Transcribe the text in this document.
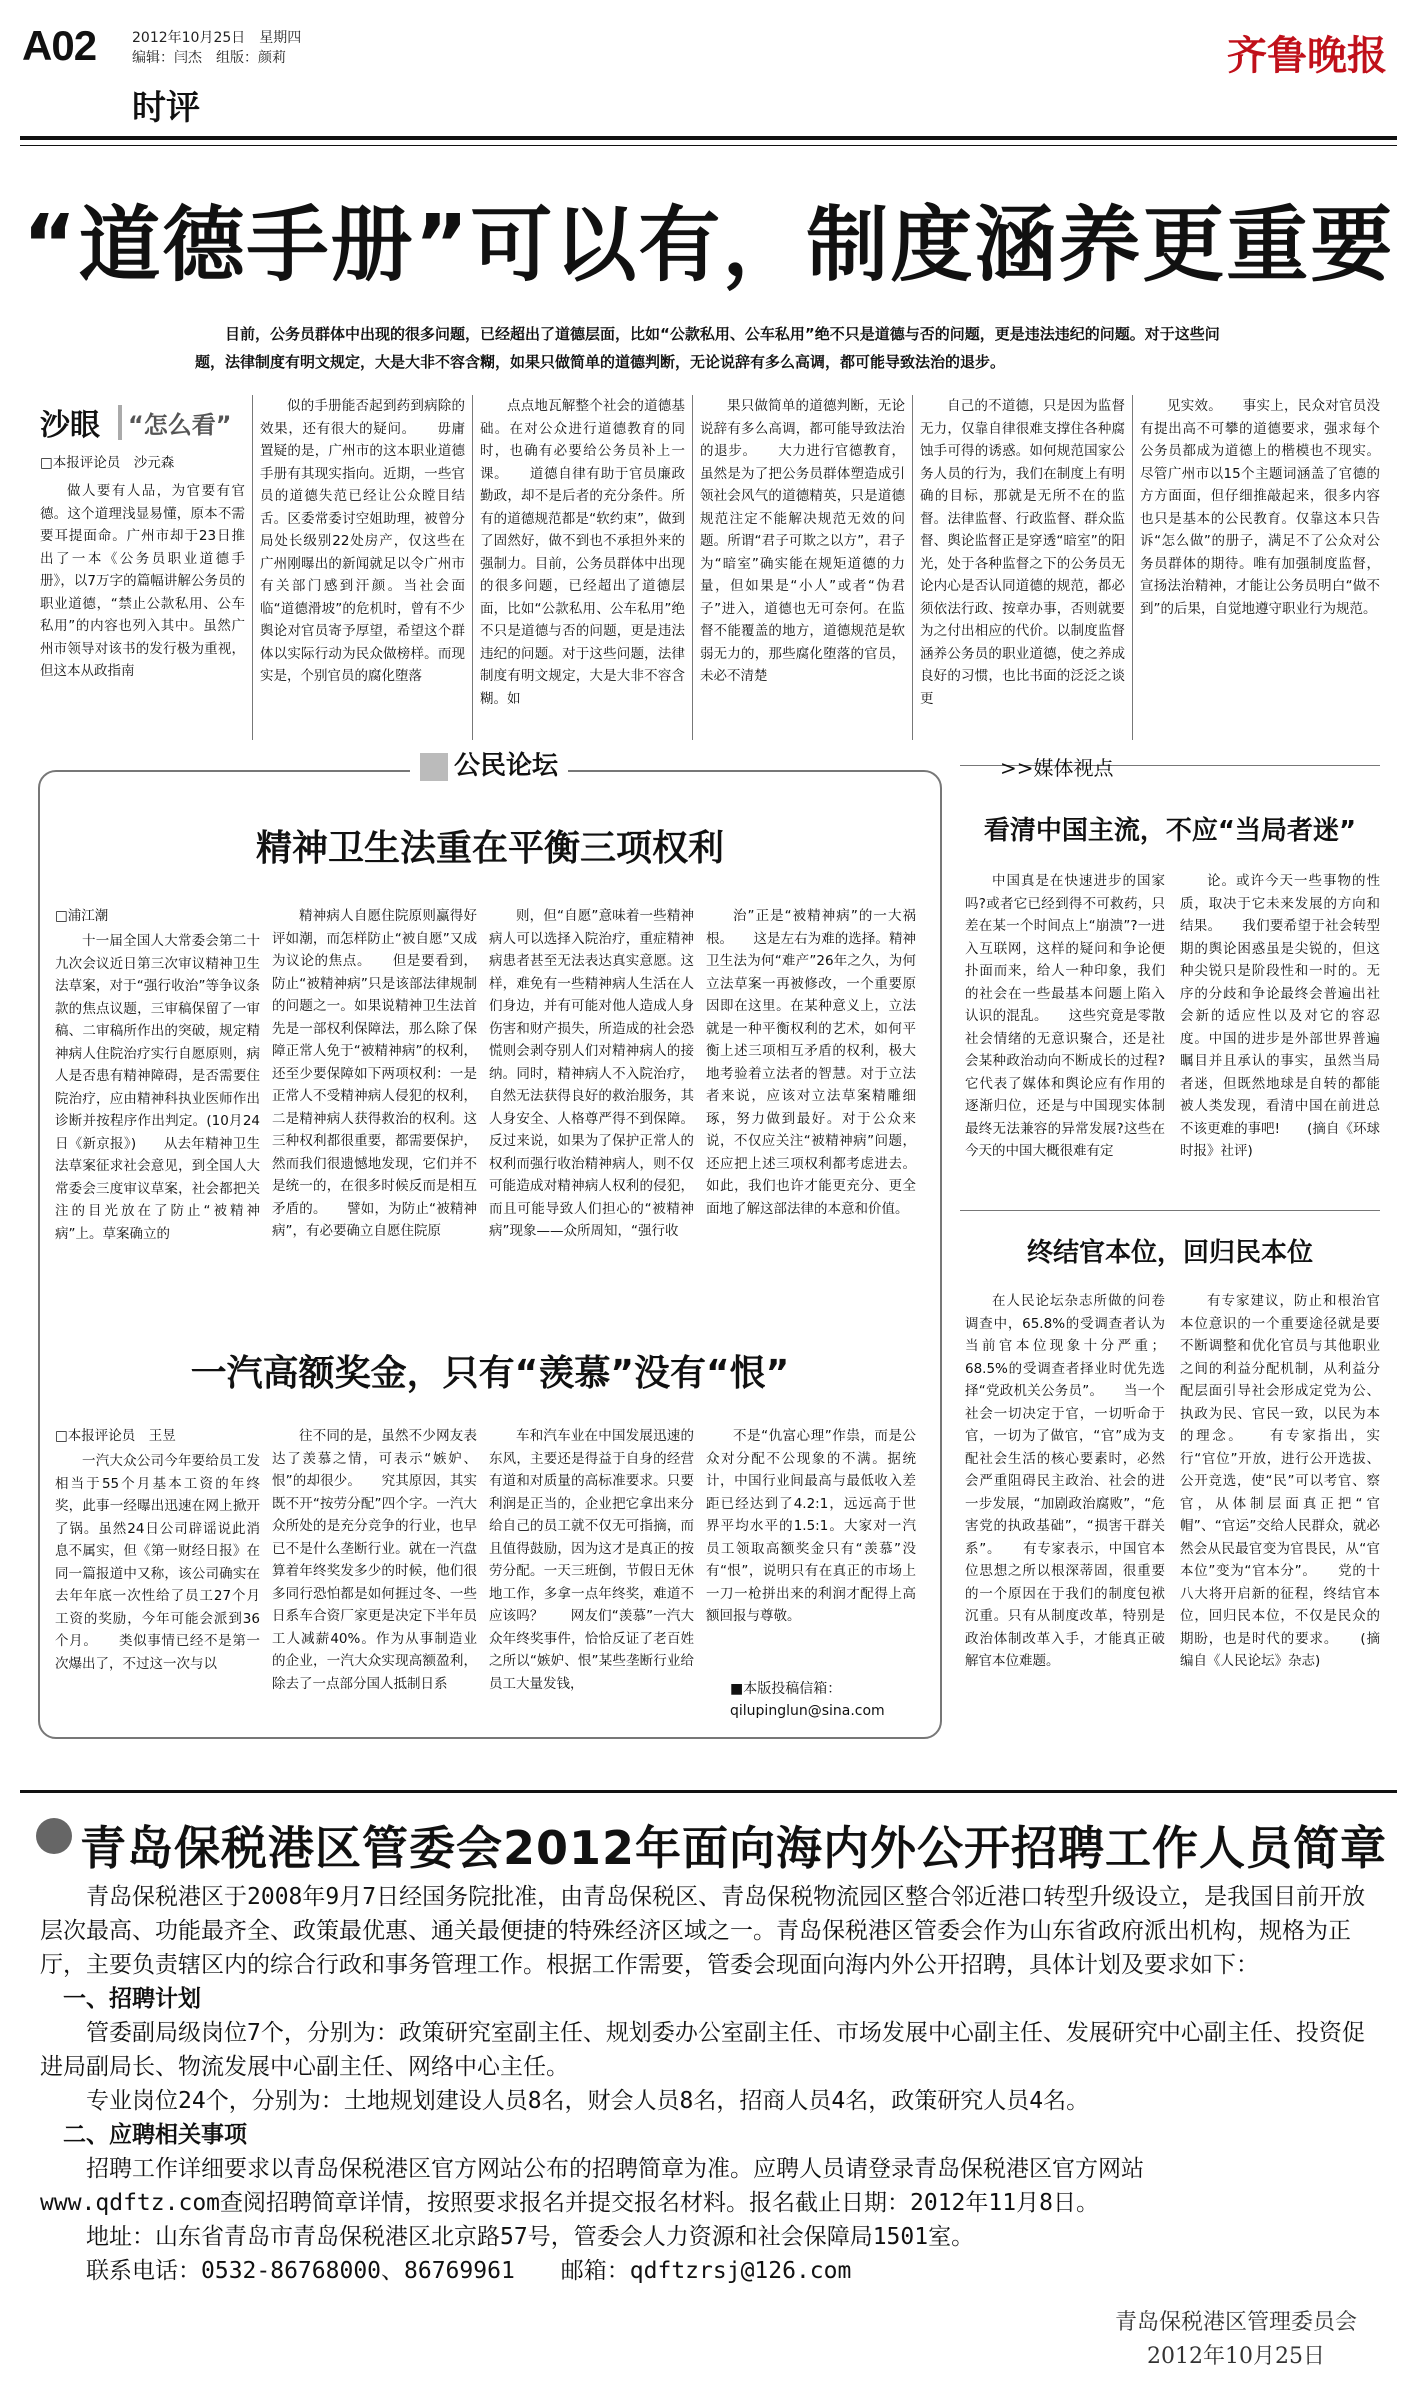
A02	2012年10月25日 星期四
编辑：闫杰 组版：颜莉
时评
齐鲁晚报
“道德手册”可以有，制度涵养更重要
目前，公务员群体中出现的很多问题，已经超出了道德层面，比如“公款私用、公车私用”绝不只是道德与否的问题，更是违法违纪的问题。对于这些问题，法律制度有明文规定，大是大非不容含糊，如果只做简单的道德判断，无论说辞有多么高调，都可能导致法治的退步。
沙眼	“怎么看”
□本报评论员　沙元森

做人要有人品，为官要有官德。这个道理浅显易懂，原本不需要耳提面命。广州市却于23日推出了一本《公务员职业道德手册》，以7万字的篇幅讲解公务员的职业道德，“禁止公款私用、公车私用”的内容也列入其中。虽然广州市领导对该书的发行极为重视，但这本从政指南

似的手册能否起到药到病除的效果，还有很大的疑问。　　毋庸置疑的是，广州市的这本职业道德手册有其现实指向。近期，一些官员的道德失范已经让公众瞠目结舌。区委常委讨空姐助理，被曾分局处长级别22处房产，仅这些在广州刚曝出的新闻就足以令广州市有关部门感到汗颜。当社会面临“道德滑坡”的危机时，曾有不少舆论对官员寄予厚望，希望这个群体以实际行动为民众做榜样。而现实是，个别官员的腐化堕落

点点地瓦解整个社会的道德基础。在对公众进行道德教育的同时，也确有必要给公务员补上一课。　　道德自律有助于官员廉政勤政，却不是后者的充分条件。所有的道德规范都是“软约束”，做到了固然好，做不到也不承担外来的强制力。目前，公务员群体中出现的很多问题，已经超出了道德层面，比如“公款私用、公车私用”绝不只是道德与否的问题，更是违法违纪的问题。对于这些问题，法律制度有明文规定，大是大非不容含糊。如

果只做简单的道德判断，无论说辞有多么高调，都可能导致法治的退步。　　大力进行官德教育，虽然是为了把公务员群体塑造成引领社会风气的道德精英，只是道德规范注定不能解决规范无效的问题。所谓“君子可欺之以方”，君子为“暗室”确实能在规矩道德的力量，但如果是“小人”或者“伪君子”进入，道德也无可奈何。在监督不能覆盖的地方，道德规范是软弱无力的，那些腐化堕落的官员，未必不清楚

自己的不道德，只是因为监督无力，仅靠自律很难支撑住各种腐蚀手可得的诱惑。如何规范国家公务人员的行为，我们在制度上有明确的目标，那就是无所不在的监督。法律监督、行政监督、群众监督、舆论监督正是穿透“暗室”的阳光，处于各种监督之下的公务员无论内心是否认同道德的规范，都必须依法行政、按章办事，否则就要为之付出相应的代价。以制度监督涵养公务员的职业道德，使之养成良好的习惯，也比书面的泛泛之谈更

见实效。　　事实上，民众对官员没有提出高不可攀的道德要求，强求每个公务员都成为道德上的楷模也不现实。尽管广州市以15个主题词涵盖了官德的方方面面，但仔细推敲起来，很多内容也只是基本的公民教育。仅靠这本只告诉“怎么做”的册子，满足不了公众对公务员群体的期待。唯有加强制度监督，宣扬法治精神，才能让公务员明白“做不到”的后果，自觉地遵守职业行为规范。

公民论坛
精神卫生法重在平衡三项权利
□浦江潮

十一届全国人大常委会第二十九次会议近日第三次审议精神卫生法草案，对于“强行收治”等争议条款的焦点议题，三审稿保留了一审稿、二审稿所作出的突破，规定精神病人住院治疗实行自愿原则，病人是否患有精神障碍，是否需要住院治疗，应由精神科执业医师作出诊断并按程序作出判定。(10月24日《新京报》)　　从去年精神卫生法草案征求社会意见，到全国人大常委会三度审议草案，社会都把关注的目光放在了防止“被精神病”上。草案确立的

精神病人自愿住院原则赢得好评如潮，而怎样防止“被自愿”又成为议论的焦点。　　但是要看到，防止“被精神病”只是该部法律规制的问题之一。如果说精神卫生法首先是一部权利保障法，那么除了保障正常人免于“被精神病”的权利，还至少要保障如下两项权利：一是正常人不受精神病人侵犯的权利，二是精神病人获得救治的权利。这三种权利都很重要，都需要保护，然而我们很遗憾地发现，它们并不是统一的，在很多时候反而是相互矛盾的。　　譬如，为防止“被精神病”，有必要确立自愿住院原

则，但“自愿”意味着一些精神病人可以选择入院治疗，重症精神病患者甚至无法表达真实意愿。这样，难免有一些精神病人生活在人们身边，并有可能对他人造成人身伤害和财产损失，所造成的社会恐慌则会剥夺别人们对精神病人的接纳。同时，精神病人不入院治疗，自然无法获得良好的救治服务，其人身安全、人格尊严得不到保障。反过来说，如果为了保护正常人的权利而强行收治精神病人，则不仅可能造成对精神病人权利的侵犯，而且可能导致人们担心的“被精神病”现象——众所周知，“强行收

治”正是“被精神病”的一大祸根。　　这是左右为难的选择。精神卫生法为何“难产”26年之久，为何立法草案一再被修改，一个重要原因即在这里。在某种意义上，立法就是一种平衡权利的艺术，如何平衡上述三项相互矛盾的权利，极大地考验着立法者的智慧。对于立法者来说，应该对立法草案精雕细琢，努力做到最好。对于公众来说，不仅应关注“被精神病”问题，还应把上述三项权利都考虑进去。如此，我们也许才能更充分、更全面地了解这部法律的本意和价值。

一汽高额奖金，只有“羡慕”没有“恨”
□本报评论员　王昱

一汽大众公司今年要给员工发相当于55个月基本工资的年终奖，此事一经曝出迅速在网上掀开了锅。虽然24日公司辟谣说此消息不属实，但《第一财经日报》在同一篇报道中又称，该公司确实在去年年底一次性给了员工27个月工资的奖励，今年可能会派到36个月。　　类似事情已经不是第一次爆出了，不过这一次与以

往不同的是，虽然不少网友表达了羡慕之情，可表示“嫉妒、恨”的却很少。　　究其原因，其实既不开“按劳分配”四个字。一汽大众所处的是充分竞争的行业，也早已不是什么垄断行业。就在一汽盘算着年终奖发多少的时候，他们很多同行恐怕都是如何捱过冬、一些日系车合资厂家更是决定下半年员工人减薪40%。作为从事制造业的企业，一汽大众实现高额盈利，除去了一点部分国人抵制日系

车和汽车业在中国发展迅速的东风，主要还是得益于自身的经营有道和对质量的高标准要求。只要利润是正当的，企业把它拿出来分给自己的员工就不仅无可指摘，而且值得鼓励，因为这才是真正的按劳分配。一天三班倒，节假日无休地工作，多拿一点年终奖，难道不应该吗？　　网友们“羡慕”一汽大众年终奖事件，恰恰反证了老百姓之所以“嫉妒、恨”某些垄断行业给员工大量发钱，

不是“仇富心理”作祟，而是公众对分配不公现象的不满。据统计，中国行业间最高与最低收入差距已经达到了4.2:1，远远高于世界平均水平的1.5:1。大家对一汽员工领取高额奖金只有“羡慕”没有“恨”，说明只有在真正的市场上一刀一枪拼出来的利润才配得上高额回报与尊敬。

■本版投稿信箱：
qilupinglun@sina.com
>>媒体视点
看清中国主流，不应“当局者迷”

中国真是在快速进步的国家吗?或者它已经到得不可救药，只差在某一个时间点上“崩溃”?一进入互联网，这样的疑问和争论便扑面而来，给人一种印象，我们的社会在一些最基本问题上陷入认识的混乱。　　这些究竟是零散社会情绪的无意识聚合，还是社会某种政治动向不断成长的过程?它代表了媒体和舆论应有作用的逐渐归位，还是与中国现实体制最终无法兼容的异常发展?这些在今天的中国大概很难有定

论。或许今天一些事物的性质，取决于它未来发展的方向和结果。　　我们要希望于社会转型期的舆论困惑虽是尖锐的，但这种尖锐只是阶段性和一时的。无序的分歧和争论最终会普遍出社会新的适应性以及对它的容忍度。中国的进步是外部世界普遍瞩目并且承认的事实，虽然当局者迷，但既然地球是自转的都能被人类发现，看清中国在前进总不该更难的事吧!　　(摘自《环球时报》社评)

终结官本位，回归民本位

在人民论坛杂志所做的问卷调查中，65.8%的受调查者认为当前官本位现象十分严重；68.5%的受调查者择业时优先选择“党政机关公务员”。　　当一个社会一切决定于官，一切听命于官，一切为了做官，“官”成为支配社会生活的核心要素时，必然会严重阻碍民主政治、社会的进一步发展，“加剧政治腐败”，“危害党的执政基础”，“损害干群关系”。　　有专家表示，中国官本位思想之所以根深蒂固，很重要的一个原因在于我们的制度包袱沉重。只有从制度改革，特别是政治体制改革入手，才能真正破解官本位难题。

有专家建议，防止和根治官本位意识的一个重要途径就是要不断调整和优化官员与其他职业之间的利益分配机制，从利益分配层面引导社会形成定党为公、执政为民、官民一致，以民为本的理念。　　有专家指出，实行“官位”开放，进行公开选拔、公开竞选，使“民”可以考官、察官，从体制层面真正把“官帽”、“官运”交给人民群众，就必然会从民最官变为官畏民，从“官本位”变为“官本分”。　　党的十八大将开启新的征程，终结官本位，回归民本位，不仅是民众的期盼，也是时代的要求。　　(摘编自《人民论坛》杂志)

青岛保税港区管委会2012年面向海内外公开招聘工作人员简章

青岛保税港区于2008年9月7日经国务院批准，由青岛保税区、青岛保税物流园区整合邻近港口转型升级设立，是我国目前开放层次最高、功能最齐全、政策最优惠、通关最便捷的特殊经济区域之一。青岛保税港区管委会作为山东省政府派出机构，规格为正厅，主要负责辖区内的综合行政和事务管理工作。根据工作需要，管委会现面向海内外公开招聘，具体计划及要求如下：

一、招聘计划

管委副局级岗位7个，分别为：政策研究室副主任、规划委办公室副主任、市场发展中心副主任、发展研究中心副主任、投资促进局副局长、物流发展中心副主任、网络中心主任。

专业岗位24个，分别为：土地规划建设人员8名，财会人员8名，招商人员4名，政策研究人员4名。

二、应聘相关事项

招聘工作详细要求以青岛保税港区官方网站公布的招聘简章为准。应聘人员请登录青岛保税港区官方网站

www.qdftz.com查阅招聘简章详情，按照要求报名并提交报名材料。报名截止日期：2012年11月8日。

地址：山东省青岛市青岛保税港区北京路57号，管委会人力资源和社会保障局1501室。

联系电话：0532-86768000、86769961　　邮箱：qdftzrsj@126.com

青岛保税港区管理委员会
2012年10月25日
